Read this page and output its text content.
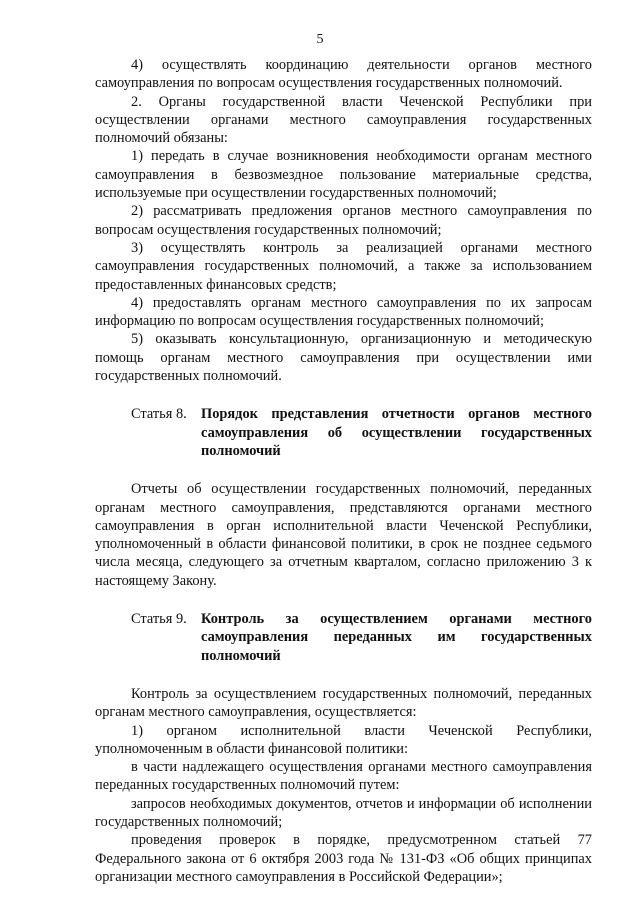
5

4) осуществлять координацию деятельности органов местного самоуправления по вопросам осуществления государственных полномочий.

2. Органы государственной власти Чеченской Республики при осуществлении органами местного самоуправления государственных полномочий обязаны:

1) передать в случае возникновения необходимости органам местного самоуправления в безвозмездное пользование материальные средства, используемые при осуществлении государственных полномочий;

2) рассматривать предложения органов местного самоуправления по вопросам осуществления государственных полномочий;

3) осуществлять контроль за реализацией органами местного самоуправления государственных полномочий, а также за использованием предоставленных финансовых средств;

4) предоставлять органам местного самоуправления по их запросам информацию по вопросам осуществления государственных полномочий;

5) оказывать консультационную, организационную и методическую помощь органам местного самоуправления при осуществлении ими государственных полномочий.

Статья 8. Порядок представления отчетности органов местного самоуправления об осуществлении государственных полномочий

Отчеты об осуществлении государственных полномочий, переданных органам местного самоуправления, представляются органами местного самоуправления в орган исполнительной власти Чеченской Республики, уполномоченный в области финансовой политики, в срок не позднее седьмого числа месяца, следующего за отчетным кварталом, согласно приложению 3 к настоящему Закону.

Статья 9. Контроль за осуществлением органами местного самоуправления переданных им государственных полномочий

Контроль за осуществлением государственных полномочий, переданных органам местного самоуправления, осуществляется:

1) органом исполнительной власти Чеченской Республики, уполномоченным в области финансовой политики:

в части надлежащего осуществления органами местного самоуправления переданных государственных полномочий путем:

запросов необходимых документов, отчетов и информации об исполнении государственных полномочий;

проведения проверок в порядке, предусмотренном статьей 77 Федерального закона от 6 октября 2003 года № 131-ФЗ «Об общих принципах организации местного самоуправления в Российской Федерации»;
